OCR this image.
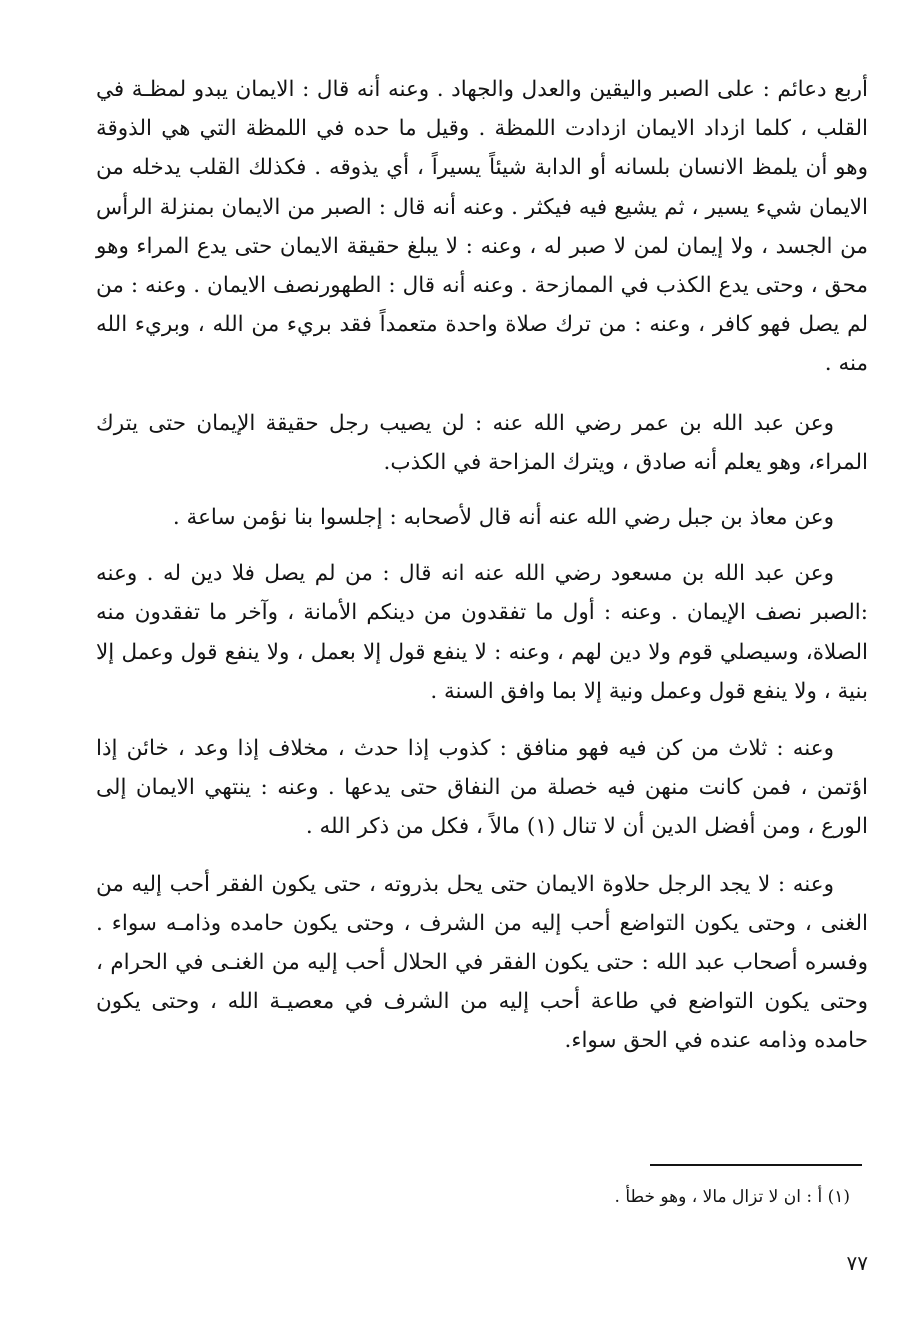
أربع دعائم : على الصبر واليقين والعدل والجهاد . وعنه أنه قال : الايمان يبدو لمظـة في القلب ، كلما ازداد الايمان ازدادت اللمظة . وقيل ما حده في اللمظة التي هي الذوقة وهو أن يلمظ الانسان بلسانه أو الدابة شيئاً يسيراً ، أي يذوقه . فكذلك القلب يدخله من الايمان شيء يسير ، ثم يشيع فيه فيكثر . وعنه أنه قال : الصبر من الايمان بمنزلة الرأس من الجسد ، ولا إيمان لمن لا صبر له ، وعنه : لا يبلغ حقيقة الايمان حتى يدع المراء وهو محق ، وحتى يدع الكذب في الممازحة . وعنه أنه قال : الطهورنصف الايمان . وعنه : من لم يصل فهو كافر ، وعنه : من ترك صلاة واحدة متعمداً فقد بريء من الله ، وبريء الله منه .

وعن عبد الله بن عمر رضي الله عنه : لن يصيب رجل حقيقة الإيمان حتى يترك المراء، وهو يعلم أنه صادق ، ويترك المزاحة في الكذب.

وعن معاذ بن جبل رضي الله عنه أنه قال لأصحابه : إجلسوا بنا نؤمن ساعة .

وعن عبد الله بن مسعود رضي الله عنه انه قال : من لم يصل فلا دين له . وعنه :الصبر نصف الإيمان . وعنه : أول ما تفقدون من دينكم الأمانة ، وآخر ما تفقدون منه الصلاة، وسيصلي قوم ولا دين لهم ، وعنه : لا ينفع قول إلا بعمل ، ولا ينفع قول وعمل إلا بنية ، ولا ينفع قول وعمل ونية إلا بما وافق السنة .

وعنه : ثلاث من كن فيه فهو منافق : كذوب إذا حدث ، مخلاف إذا وعد ، خائن إذا اؤتمن ، فمن كانت منهن فيه خصلة من النفاق حتى يدعها . وعنه : ينتهي الايمان إلى الورع ، ومن أفضل الدين أن لا تنال (١) مالاً ، فكل من ذكر الله .

وعنه : لا يجد الرجل حلاوة الايمان حتى يحل بذروته ، حتى يكون الفقر أحب إليه من الغنى ، وحتى يكون التواضع أحب إليه من الشرف ، وحتى يكون حامده وذامـه سواء . وفسره أصحاب عبد الله : حتى يكون الفقر في الحلال أحب إليه من الغنـى في الحرام ، وحتى يكون التواضع في طاعة أحب إليه من الشرف في معصيـة الله ، وحتى يكون حامده وذامه عنده في الحق سواء.

(١) أ : ان لا تزال مالا ، وهو خطأ .

٧٧
